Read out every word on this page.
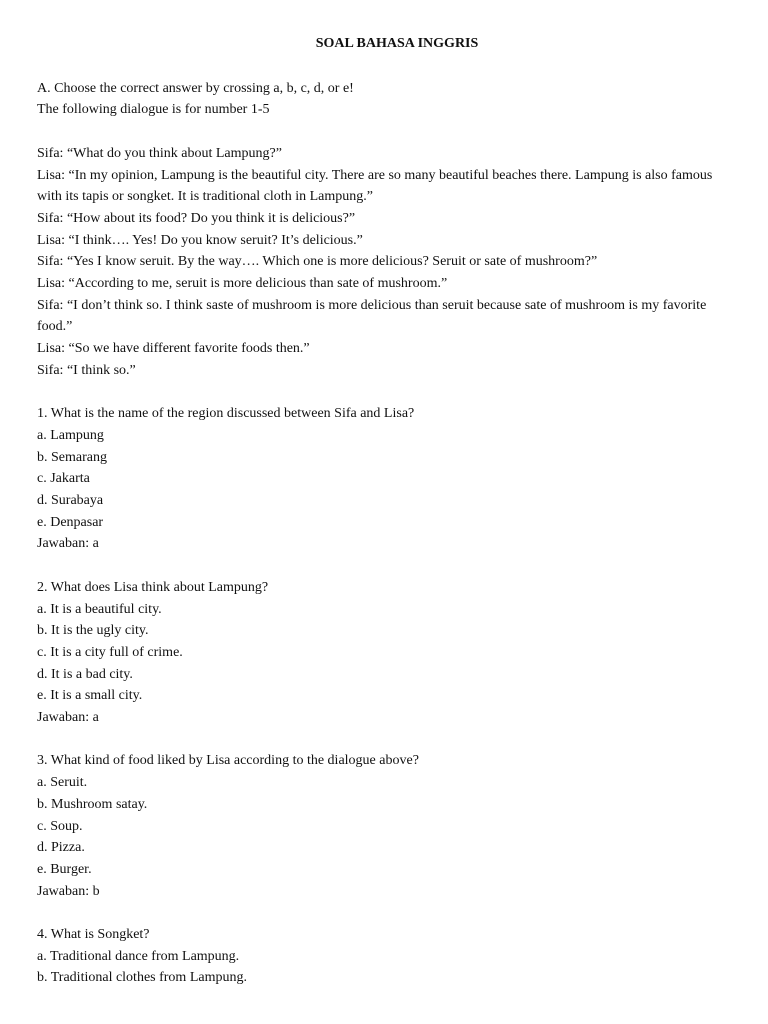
SOAL BAHASA INGGRIS
A. Choose the correct answer by crossing a, b, c, d, or e!
The following dialogue is for number 1-5
Sifa: “What do you think about Lampung?”
Lisa: “In my opinion, Lampung is the beautiful city. There are so many beautiful beaches there. Lampung is also famous with its tapis or songket. It is traditional cloth in Lampung.”
Sifa: “How about its food? Do you think it is delicious?”
Lisa: “I think…. Yes! Do you know seruit? It’s delicious.”
Sifa: “Yes I know seruit. By the way…. Which one is more delicious? Seruit or sate of mushroom?”
Lisa: “According to me, seruit is more delicious than sate of mushroom.”
Sifa: “I don’t think so. I think saste of mushroom is more delicious than seruit because sate of mushroom is my favorite food.”
Lisa: “So we have different favorite foods then.”
Sifa: “I think so.”
1. What is the name of the region discussed between Sifa and Lisa?
a. Lampung
b. Semarang
c. Jakarta
d. Surabaya
e. Denpasar
Jawaban: a
2. What does Lisa think about Lampung?
a. It is a beautiful city.
b. It is the ugly city.
c. It is a city full of crime.
d. It is a bad city.
e. It is a small city.
Jawaban: a
3. What kind of food liked by Lisa according to the dialogue above?
a. Seruit.
b. Mushroom satay.
c. Soup.
d. Pizza.
e. Burger.
Jawaban: b
4. What is Songket?
a. Traditional dance from Lampung.
b. Traditional clothes from Lampung.
